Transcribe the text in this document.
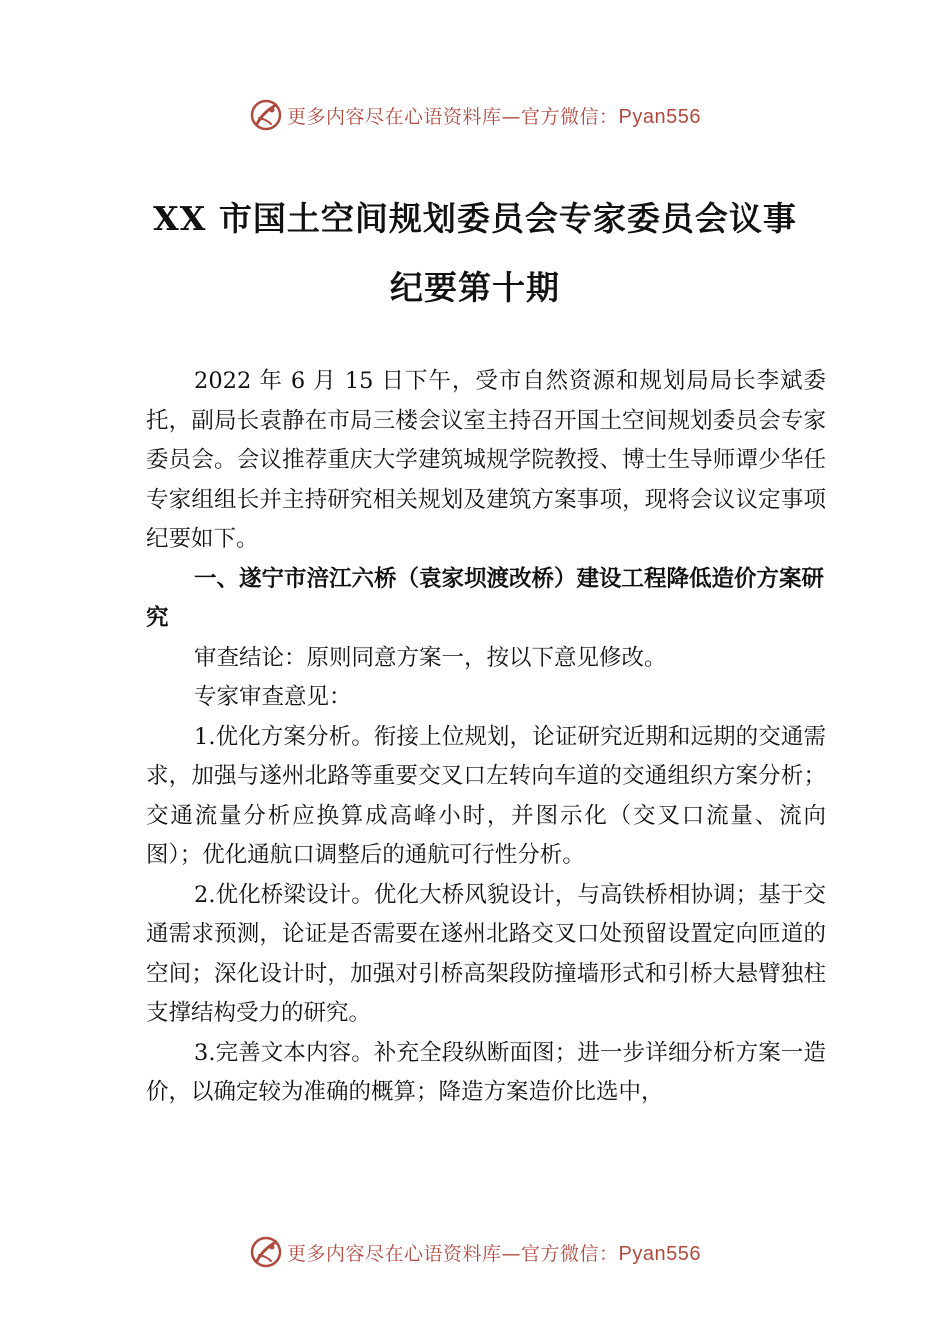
更多内容尽在心语资料库—官方微信：Pyan556
XX 市国土空间规划委员会专家委员会议事
纪要第十期

2022 年 6 月 15 日下午，受市自然资源和规划局局长李斌委托，副局长袁静在市局三楼会议室主持召开国土空间规划委员会专家委员会。会议推荐重庆大学建筑城规学院教授、博士生导师谭少华任专家组组长并主持研究相关规划及建筑方案事项，现将会议议定事项纪要如下。

一、遂宁市涪江六桥（袁家坝渡改桥）建设工程降低造价方案研究

审查结论：原则同意方案一，按以下意见修改。

专家审查意见：

1.优化方案分析。衔接上位规划，论证研究近期和远期的交通需求，加强与遂州北路等重要交叉口左转向车道的交通组织方案分析；交通流量分析应换算成高峰小时，并图示化（交叉口流量、流向图）；优化通航口调整后的通航可行性分析。

2.优化桥梁设计。优化大桥风貌设计，与高铁桥相协调；基于交通需求预测，论证是否需要在遂州北路交叉口处预留设置定向匝道的空间；深化设计时，加强对引桥高架段防撞墙形式和引桥大悬臂独柱支撑结构受力的研究。

3.完善文本内容。补充全段纵断面图；进一步详细分析方案一造价，以确定较为准确的概算；降造方案造价比选中，

更多内容尽在心语资料库—官方微信：Pyan556
